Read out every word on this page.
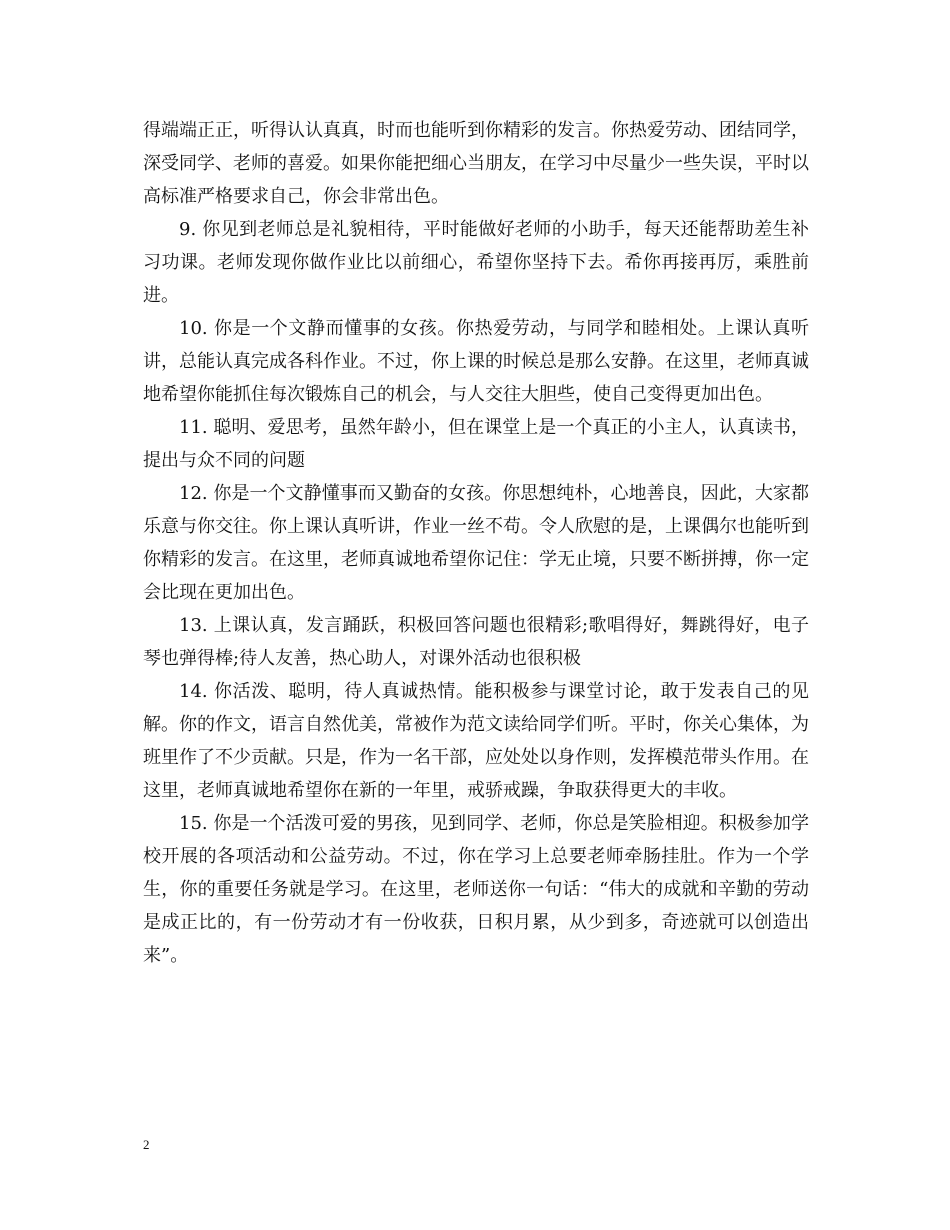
得端端正正，听得认认真真，时而也能听到你精彩的发言。你热爱劳动、团结同学，深受同学、老师的喜爱。如果你能把细心当朋友，在学习中尽量少一些失误，平时以高标准严格要求自己，你会非常出色。

9. 你见到老师总是礼貌相待，平时能做好老师的小助手，每天还能帮助差生补习功课。老师发现你做作业比以前细心，希望你坚持下去。希你再接再厉，乘胜前进。

10. 你是一个文静而懂事的女孩。你热爱劳动，与同学和睦相处。上课认真听讲，总能认真完成各科作业。不过，你上课的时候总是那么安静。在这里，老师真诚地希望你能抓住每次锻炼自己的机会，与人交往大胆些，使自己变得更加出色。

11. 聪明、爱思考，虽然年龄小，但在课堂上是一个真正的小主人，认真读书，提出与众不同的问题

12. 你是一个文静懂事而又勤奋的女孩。你思想纯朴，心地善良，因此，大家都乐意与你交往。你上课认真听讲，作业一丝不苟。令人欣慰的是，上课偶尔也能听到你精彩的发言。在这里，老师真诚地希望你记住：学无止境，只要不断拼搏，你一定会比现在更加出色。

13. 上课认真，发言踊跃，积极回答问题也很精彩;歌唱得好，舞跳得好，电子琴也弹得棒;待人友善，热心助人，对课外活动也很积极

14. 你活泼、聪明，待人真诚热情。能积极参与课堂讨论，敢于发表自己的见解。你的作文，语言自然优美，常被作为范文读给同学们听。平时，你关心集体，为班里作了不少贡献。只是，作为一名干部，应处处以身作则，发挥模范带头作用。在这里，老师真诚地希望你在新的一年里，戒骄戒躁，争取获得更大的丰收。

15. 你是一个活泼可爱的男孩，见到同学、老师，你总是笑脸相迎。积极参加学校开展的各项活动和公益劳动。不过，你在学习上总要老师牵肠挂肚。作为一个学生，你的重要任务就是学习。在这里，老师送你一句话：“伟大的成就和辛勤的劳动是成正比的，有一份劳动才有一份收获，日积月累，从少到多，奇迹就可以创造出来”。

2
